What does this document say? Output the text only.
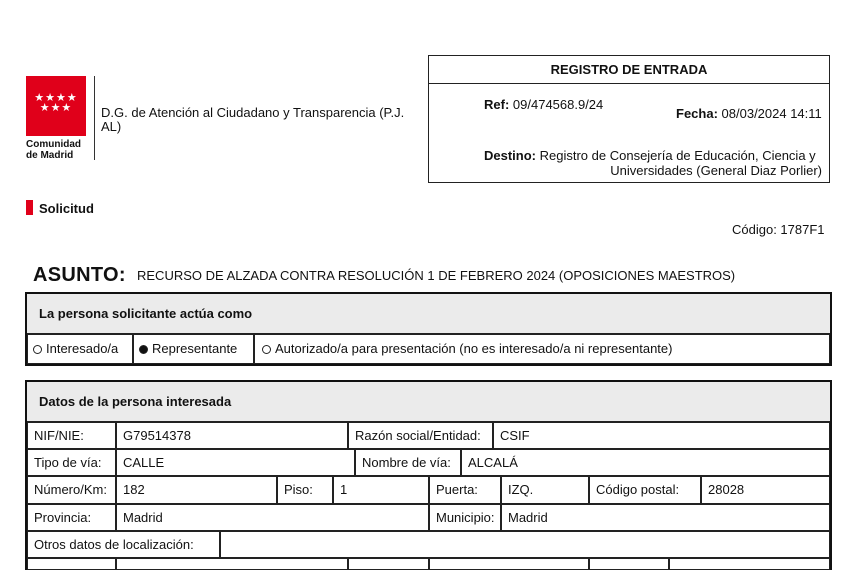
★★★★
★★★
Comunidad
de Madrid
D.G. de Atención al Ciudadano y Transparencia (P.J. AL)
REGISTRO DE ENTRADA
Ref: 09/474568.9/24
Fecha: 08/03/2024 14:11
Destino: Registro de Consejería de Educación, Ciencia y
Universidades (General Diaz Porlier)
Solicitud
Código: 1787F1
ASUNTO: RECURSO DE ALZADA CONTRA RESOLUCIÓN 1 DE FEBRERO 2024 (OPOSICIONES MAESTROS)
La persona solicitante actúa como
Interesado/a	Representante	Autorizado/a para presentación (no es interesado/a ni representante)
Datos de la persona interesada
NIF/NIE:	G79514378	Razón social/Entidad:	CSIF
Tipo de vía:	CALLE	Nombre de vía:	ALCALÁ
Número/Km:	182	Piso:	1	Puerta:	IZQ.	Código postal:	28028
Provincia:	Madrid	Municipio:	Madrid
Otros datos de localización:
